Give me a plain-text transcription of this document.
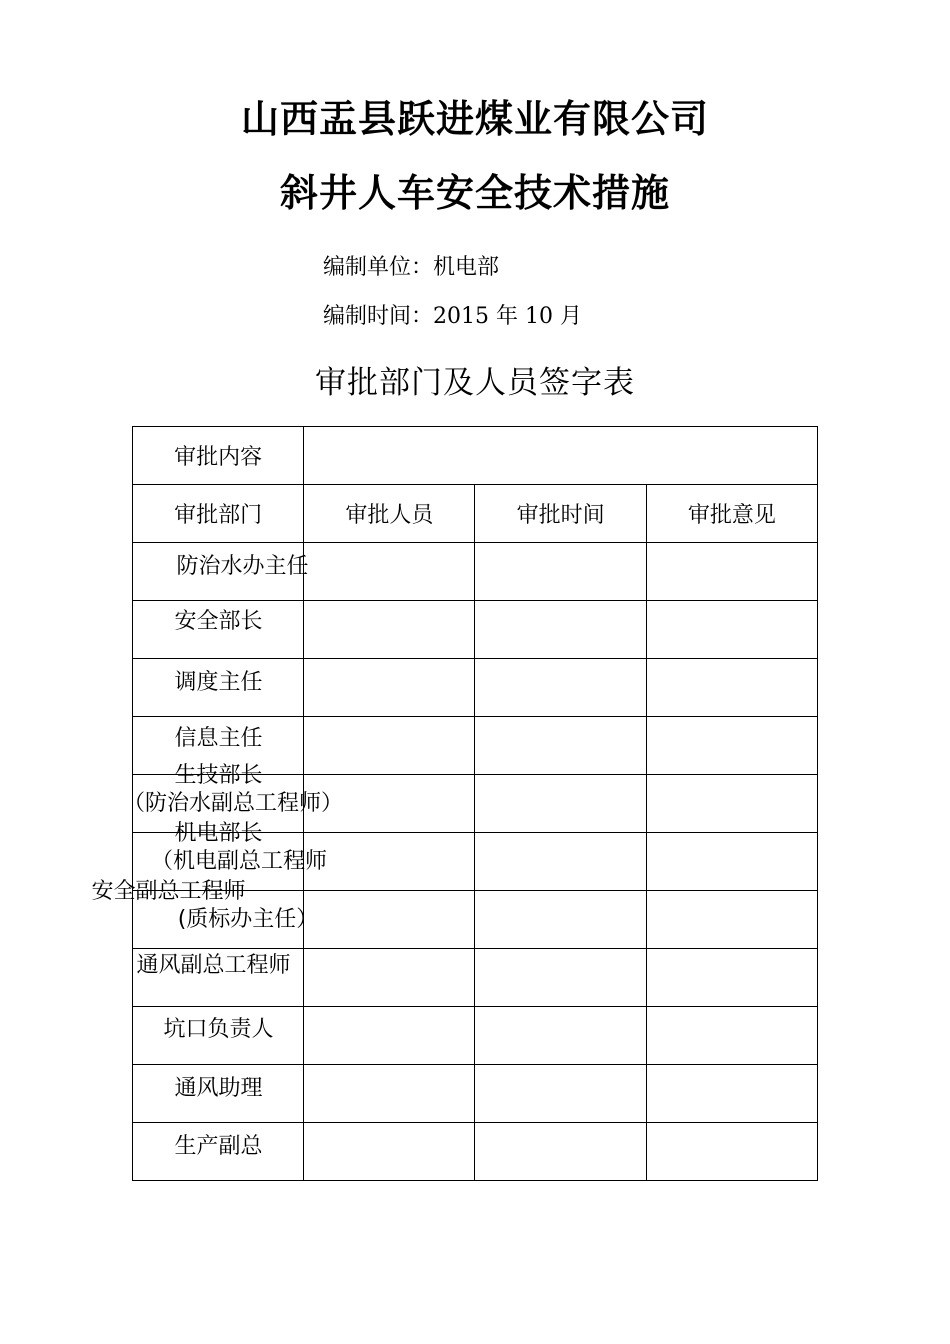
山西盂县跃进煤业有限公司
斜井人车安全技术措施
编制单位：机电部
编制时间：2015 年 10 月
审批部门及人员签字表
审批内容			
审批部门	审批人员	审批时间	审批意见

防治水办主任			

安全部长			

调度主任			

信息主任			

生技部长
（防治水副总工程师）			

机电部长
（机电副总工程师			

安全副总工程师
(质标办主任）			

通风副总工程师			

坑口负责人			

通风助理			

生产副总			
